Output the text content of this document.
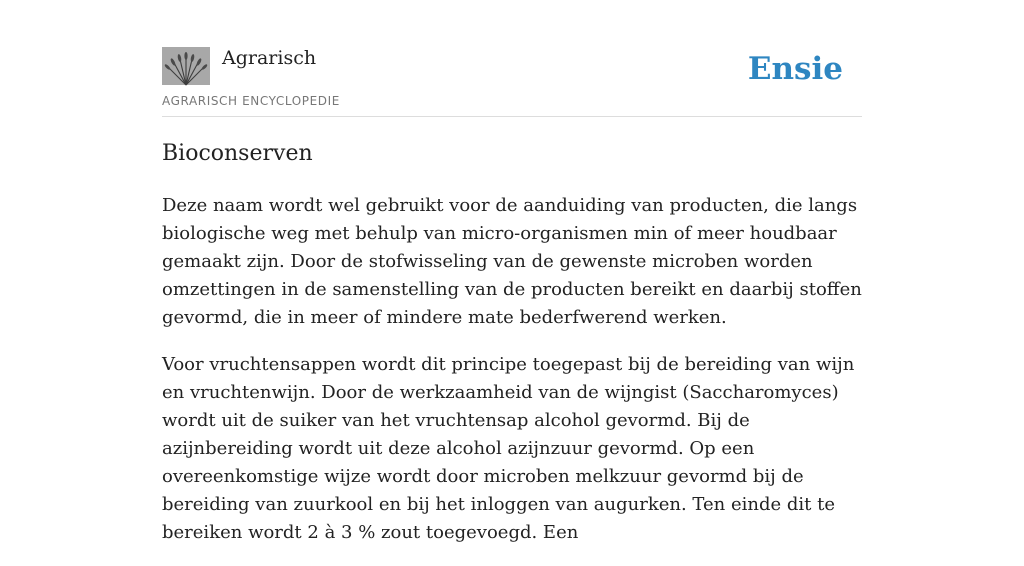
Agrarisch
AGRARISCH ENCYCLOPEDIE
Ensie
Bioconserven

Deze naam wordt wel gebruikt voor de aanduiding van producten, die langs biologische weg met behulp van micro-organismen min of meer houdbaar gemaakt zijn. Door de stofwisseling van de gewenste microben worden omzettingen in de samenstelling van de producten bereikt en daarbij stoffen gevormd, die in meer of mindere mate bederfwerend werken.

Voor vruchtensappen wordt dit principe toegepast bij de bereiding van wijn en vruchtenwijn. Door de werkzaamheid van de wijngist (Saccharomyces) wordt uit de suiker van het vruchtensap alcohol gevormd. Bij de azijnbereiding wordt uit deze alcohol azijnzuur gevormd. Op een overeenkomstige wijze wordt door microben melkzuur gevormd bij de bereiding van zuurkool en bij het inloggen van augurken. Ten einde dit te bereiken wordt 2 à 3 % zout toegevoegd. Een
